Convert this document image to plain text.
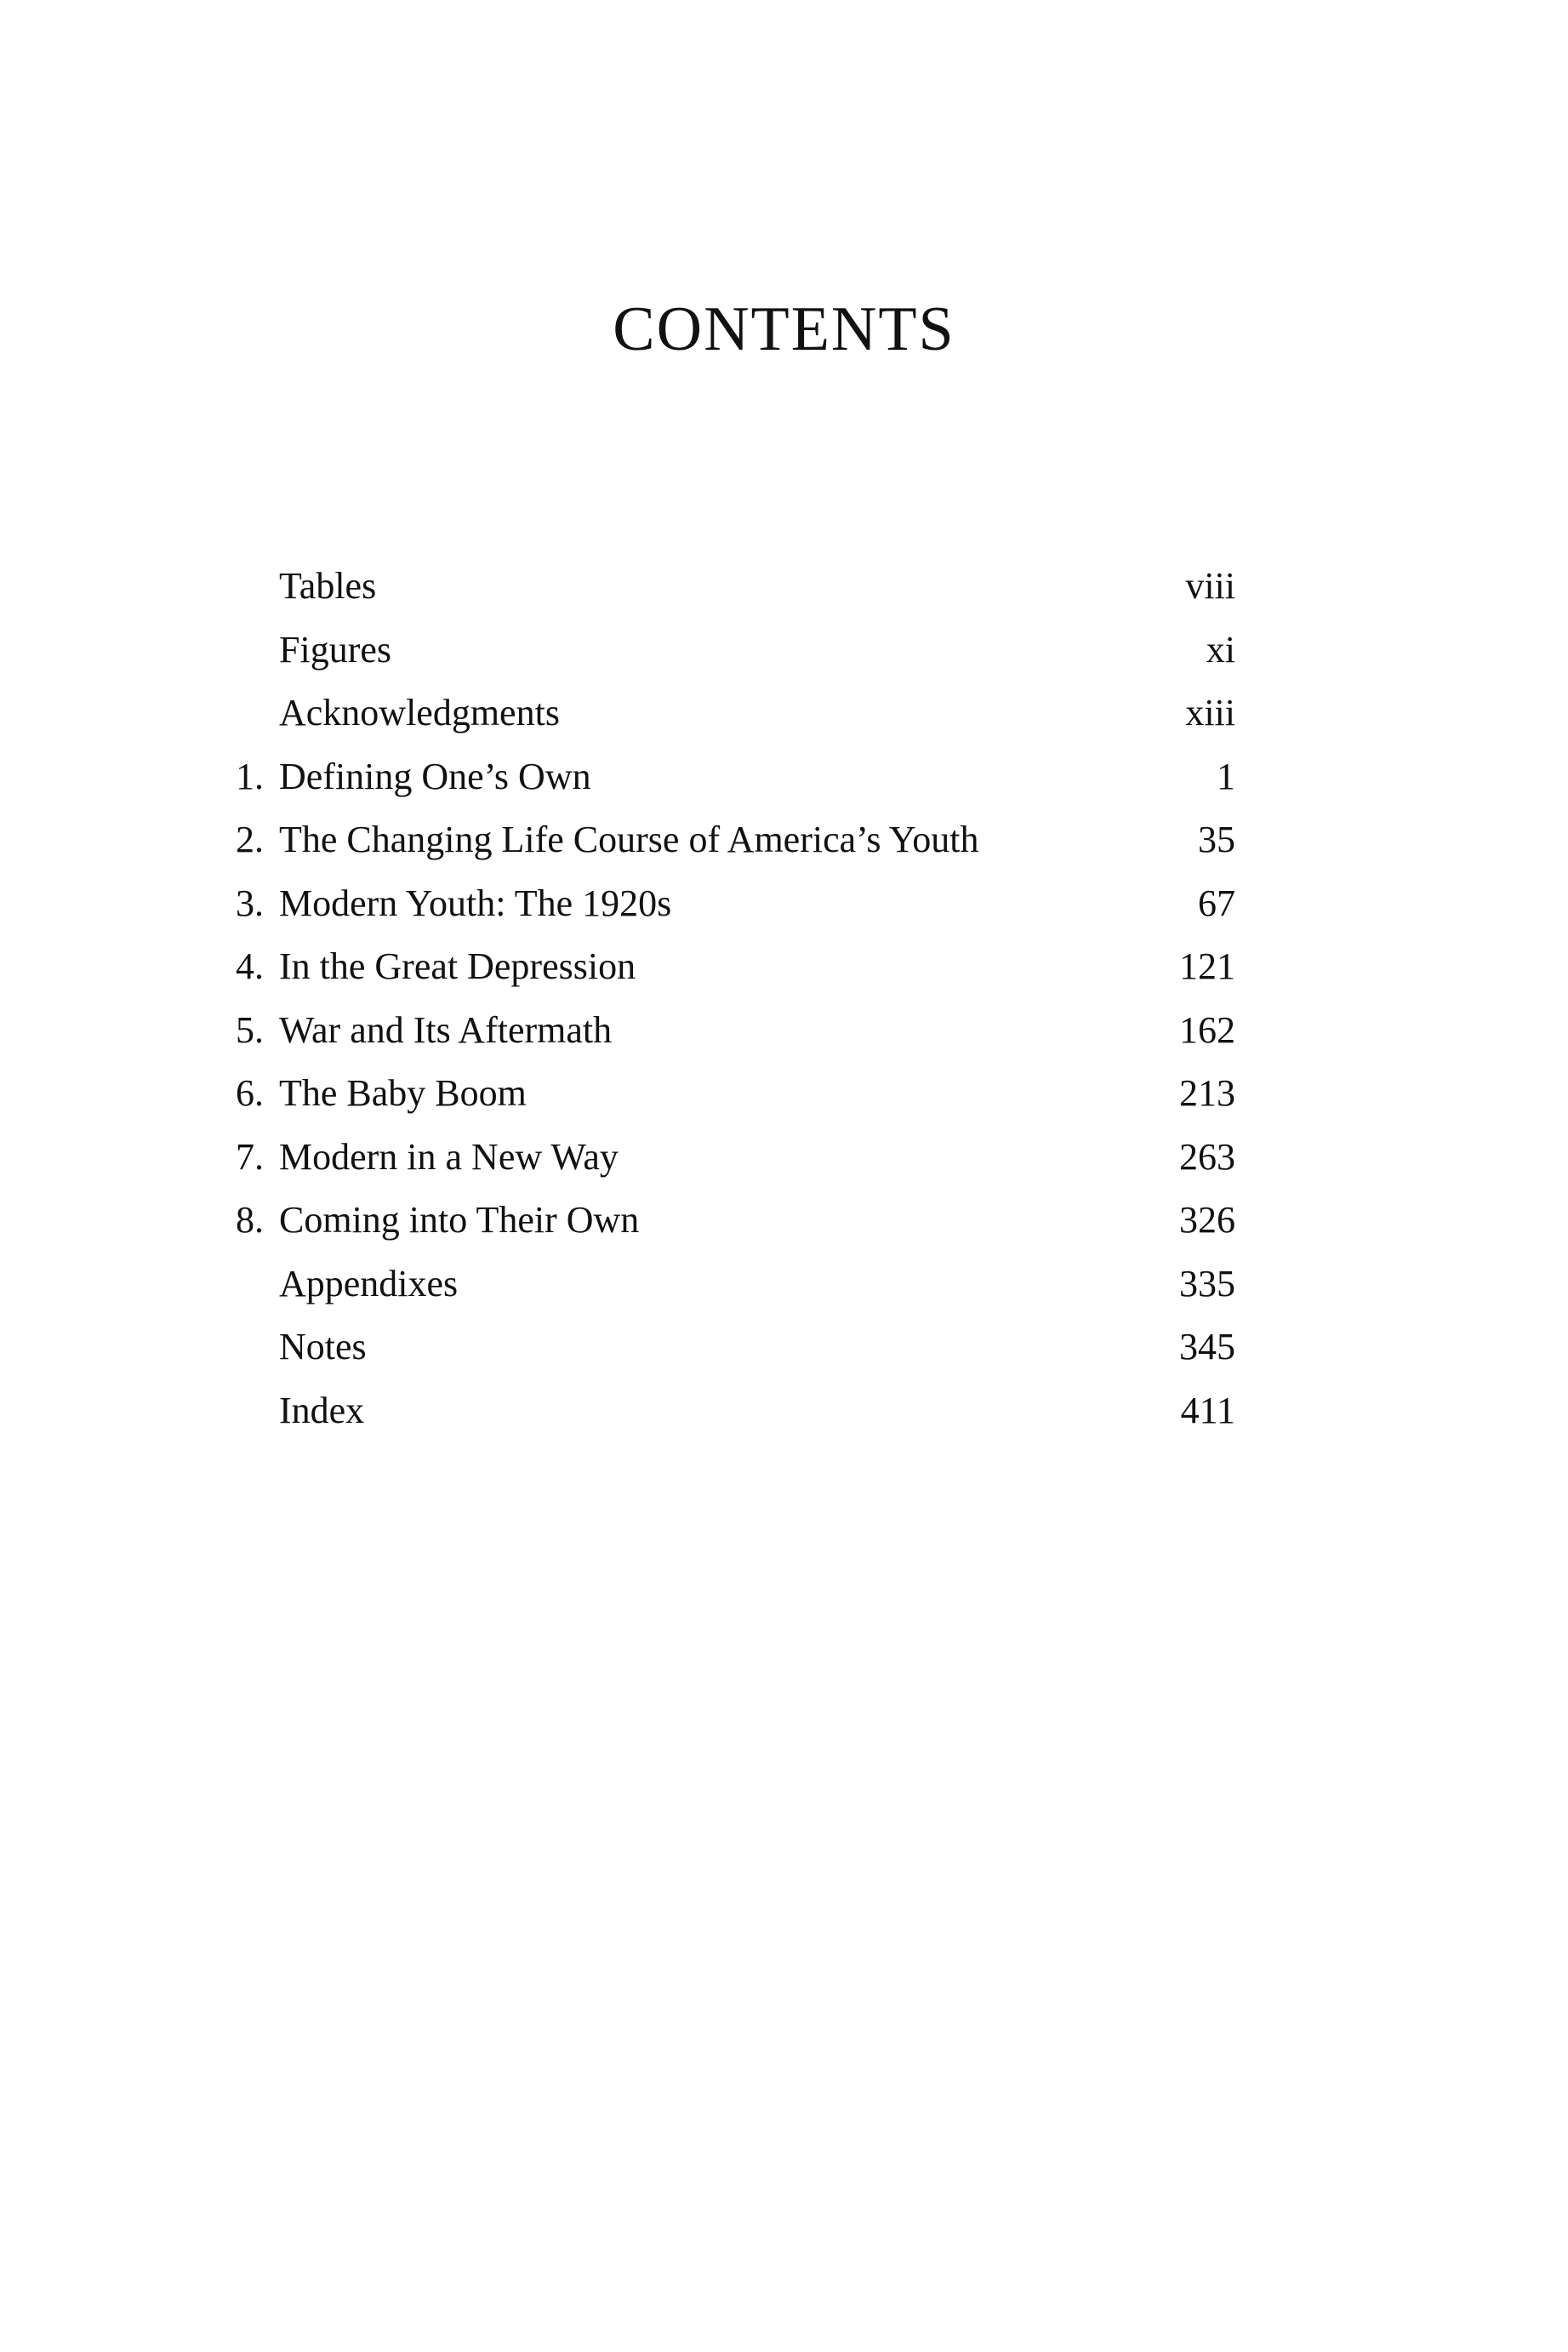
CONTENTS
Tables	viii
Figures	xi
Acknowledgments	xiii
1. Defining One’s Own	1
2. The Changing Life Course of America’s Youth	35
3. Modern Youth: The 1920s	67
4. In the Great Depression	121
5. War and Its Aftermath	162
6. The Baby Boom	213
7. Modern in a New Way	263
8. Coming into Their Own	326
Appendixes	335
Notes	345
Index	411
